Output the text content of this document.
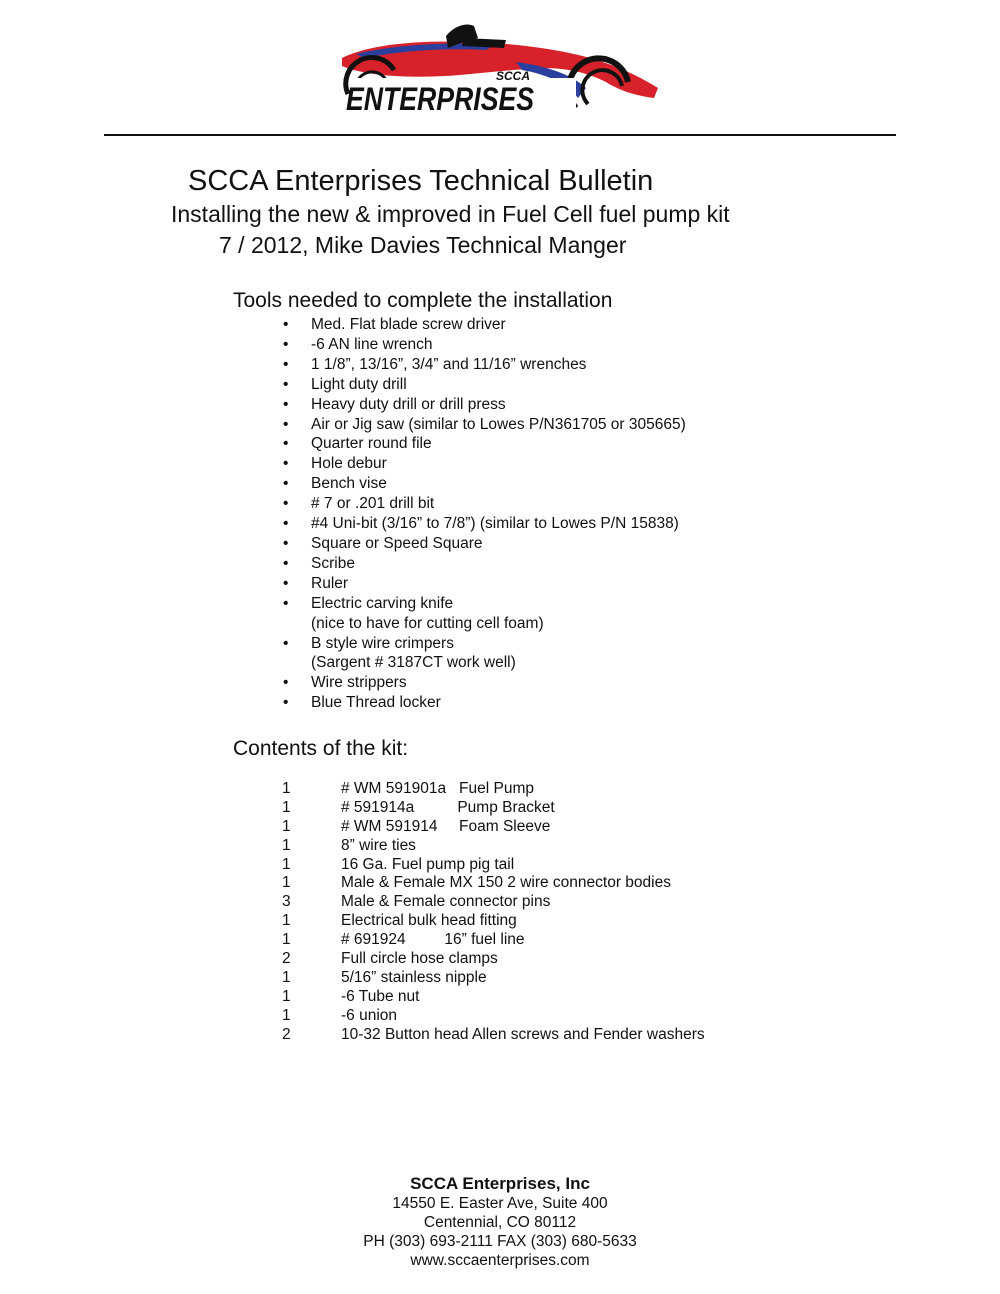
SCCA
ENTERPRISES
SCCA Enterprises Technical Bulletin
Installing the new & improved in Fuel Cell fuel pump kit
7 / 2012, Mike Davies Technical Manger
Tools needed to complete the installation
• Med. Flat blade screw driver
• -6 AN line wrench
• 1 1/8”, 13/16”, 3/4” and 11/16” wrenches
• Light duty drill
• Heavy duty drill or drill press
• Air or Jig saw (similar to Lowes P/N361705 or 305665)
• Quarter round file
• Hole debur
• Bench vise
• # 7 or .201 drill bit
• #4 Uni-bit (3/16” to 7/8”) (similar to Lowes P/N 15838)
• Square or Speed Square
• Scribe
• Ruler
• Electric carving knife
(nice to have for cutting cell foam)
• B style wire crimpers
(Sargent # 3187CT work well)
• Wire strippers
• Blue Thread locker
Contents of the kit:
1	# WM 591901a   Fuel Pump
1	# 591914a          Pump Bracket
1	# WM 591914     Foam Sleeve
1	8” wire ties
1	16 Ga. Fuel pump pig tail
1	Male & Female MX 150 2 wire connector bodies
3	Male & Female connector pins
1	Electrical bulk head fitting
1	# 691924         16” fuel line
2	Full circle hose clamps
1	5/16” stainless nipple
1	-6 Tube nut
1	-6 union
2	10-32 Button head Allen screws and Fender washers
SCCA Enterprises, Inc
14550 E. Easter Ave, Suite 400
Centennial, CO 80112
PH (303) 693-2111 FAX (303) 680-5633
www.sccaenterprises.com
